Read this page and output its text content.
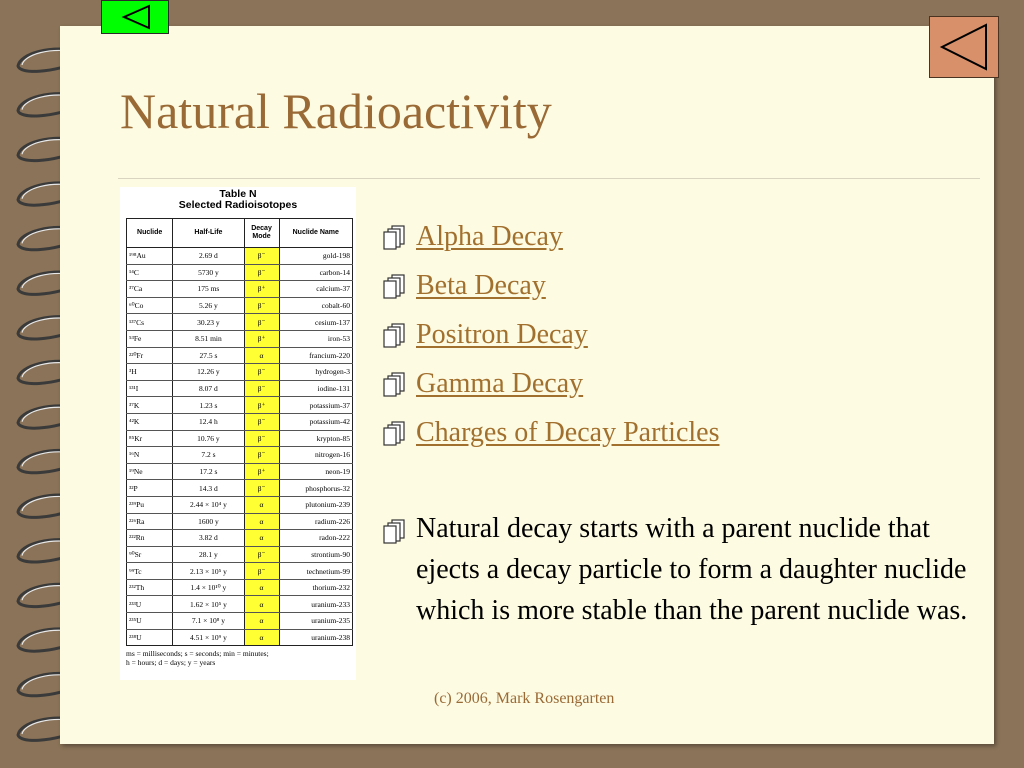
Natural Radioactivity
Table N
Selected Radioisotopes
Nuclide	Half-Life	Decay Mode	Nuclide Name
¹⁹⁸Au	2.69 d	β⁻	gold-198
¹⁴C	5730 y	β⁻	carbon-14
³⁷Ca	175 ms	β⁺	calcium-37
⁶⁰Co	5.26 y	β⁻	cobalt-60
¹³⁷Cs	30.23 y	β⁻	cesium-137
⁵³Fe	8.51 min	β⁺	iron-53
²²⁰Fr	27.5 s	α	francium-220
³H	12.26 y	β⁻	hydrogen-3
¹³¹I	8.07 d	β⁻	iodine-131
³⁷K	1.23 s	β⁺	potassium-37
⁴²K	12.4 h	β⁻	potassium-42
⁸⁵Kr	10.76 y	β⁻	krypton-85
¹⁶N	7.2 s	β⁻	nitrogen-16
¹⁹Ne	17.2 s	β⁺	neon-19
³²P	14.3 d	β⁻	phosphorus-32
²³⁹Pu	2.44 × 10⁴ y	α	plutonium-239
²²⁶Ra	1600 y	α	radium-226
²²²Rn	3.82 d	α	radon-222
⁹⁰Sr	28.1 y	β⁻	strontium-90
⁹⁹Tc	2.13 × 10⁵ y	β⁻	technetium-99
²³²Th	1.4 × 10¹⁰ y	α	thorium-232
²³³U	1.62 × 10⁵ y	α	uranium-233
²³⁵U	7.1 × 10⁸ y	α	uranium-235
²³⁸U	4.51 × 10⁹ y	α	uranium-238
ms = milliseconds; s = seconds; min = minutes;
h = hours; d = days; y = years
Alpha Decay
Beta Decay
Positron Decay
Gamma Decay
Charges of Decay Particles

Natural decay starts with a parent nuclide that ejects a decay particle to form a daughter nuclide which is more stable than the parent nuclide was.

(c) 2006, Mark Rosengarten
